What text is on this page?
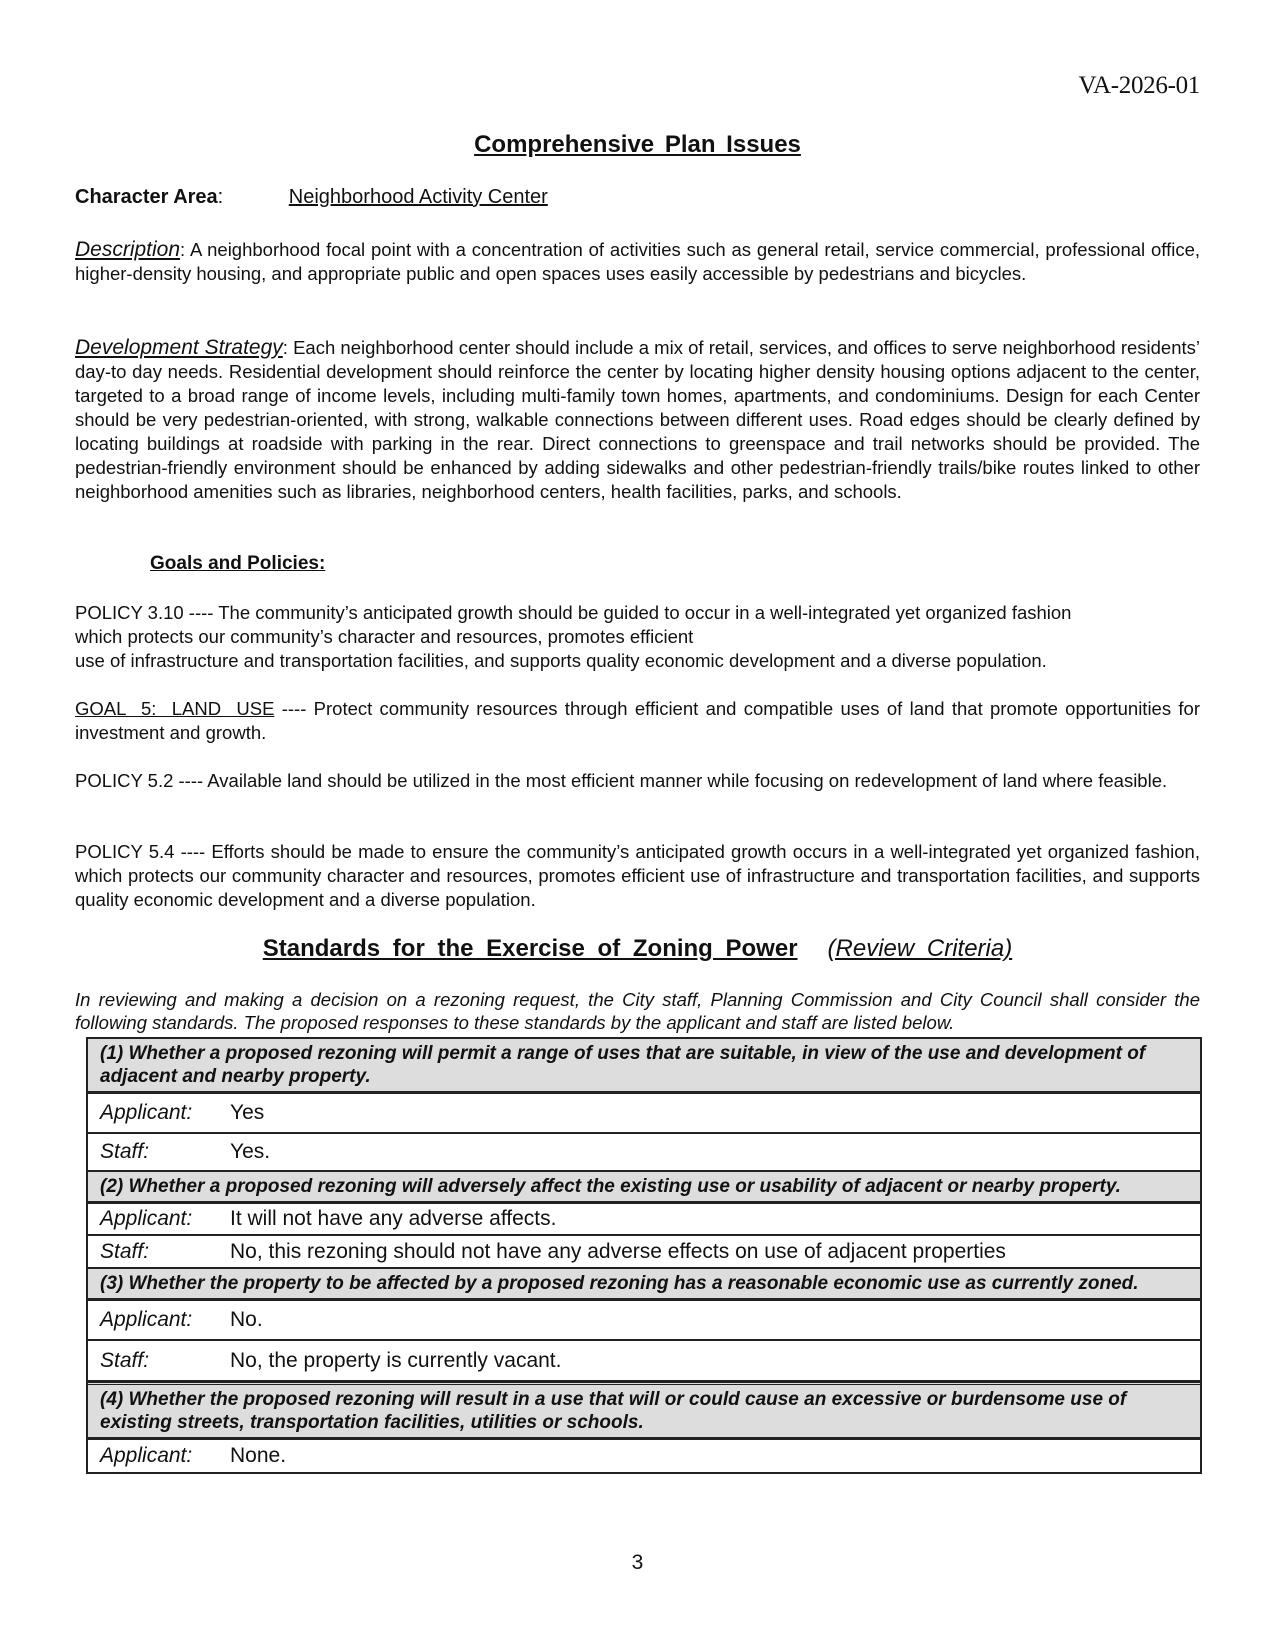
VA-2026-01
Comprehensive Plan Issues
Character Area:	Neighborhood Activity Center
Description: A neighborhood focal point with a concentration of activities such as general retail, service commercial, professional office, higher-density housing, and appropriate public and open spaces uses easily accessible by pedestrians and bicycles.
Development Strategy: Each neighborhood center should include a mix of retail, services, and offices to serve neighborhood residents’ day-to day needs. Residential development should reinforce the center by locating higher density housing options adjacent to the center, targeted to a broad range of income levels, including multi-family town homes, apartments, and condominiums. Design for each Center should be very pedestrian-oriented, with strong, walkable connections between different uses. Road edges should be clearly defined by locating buildings at roadside with parking in the rear. Direct connections to greenspace and trail networks should be provided. The pedestrian-friendly environment should be enhanced by adding sidewalks and other pedestrian-friendly trails/bike routes linked to other neighborhood amenities such as libraries, neighborhood centers, health facilities, parks, and schools.
Goals and Policies:
POLICY 3.10 ---- The community’s anticipated growth should be guided to occur in a well-integrated yet organized fashion
which protects our community’s character and resources, promotes efficient
use of infrastructure and transportation facilities, and supports quality economic development and a diverse population.
GOAL 5: LAND USE ---- Protect community resources through efficient and compatible uses of land that promote opportunities for investment and growth.
POLICY 5.2 ---- Available land should be utilized in the most efficient manner while focusing on redevelopment of land where feasible.
POLICY 5.4 ---- Efforts should be made to ensure the community’s anticipated growth occurs in a well-integrated yet organized fashion, which protects our community character and resources, promotes efficient use of infrastructure and transportation facilities, and supports quality economic development and a diverse population.
Standards for the Exercise of Zoning Power (Review Criteria)
In reviewing and making a decision on a rezoning request, the City staff, Planning Commission and City Council shall consider the following standards. The proposed responses to these standards by the applicant and staff are listed below.
(1) Whether a proposed rezoning will permit a range of uses that are suitable, in view of the use and development of adjacent and nearby property.
Applicant:	Yes
Staff:	Yes.
(2) Whether a proposed rezoning will adversely affect the existing use or usability of adjacent or nearby property.
Applicant:	It will not have any adverse affects.
Staff:	No, this rezoning should not have any adverse effects on use of adjacent properties
(3) Whether the property to be affected by a proposed rezoning has a reasonable economic use as currently zoned.
Applicant:	No.
Staff:	No, the property is currently vacant.
(4) Whether the proposed rezoning will result in a use that will or could cause an excessive or burdensome use of existing streets, transportation facilities, utilities or schools.
Applicant:	None.
3
